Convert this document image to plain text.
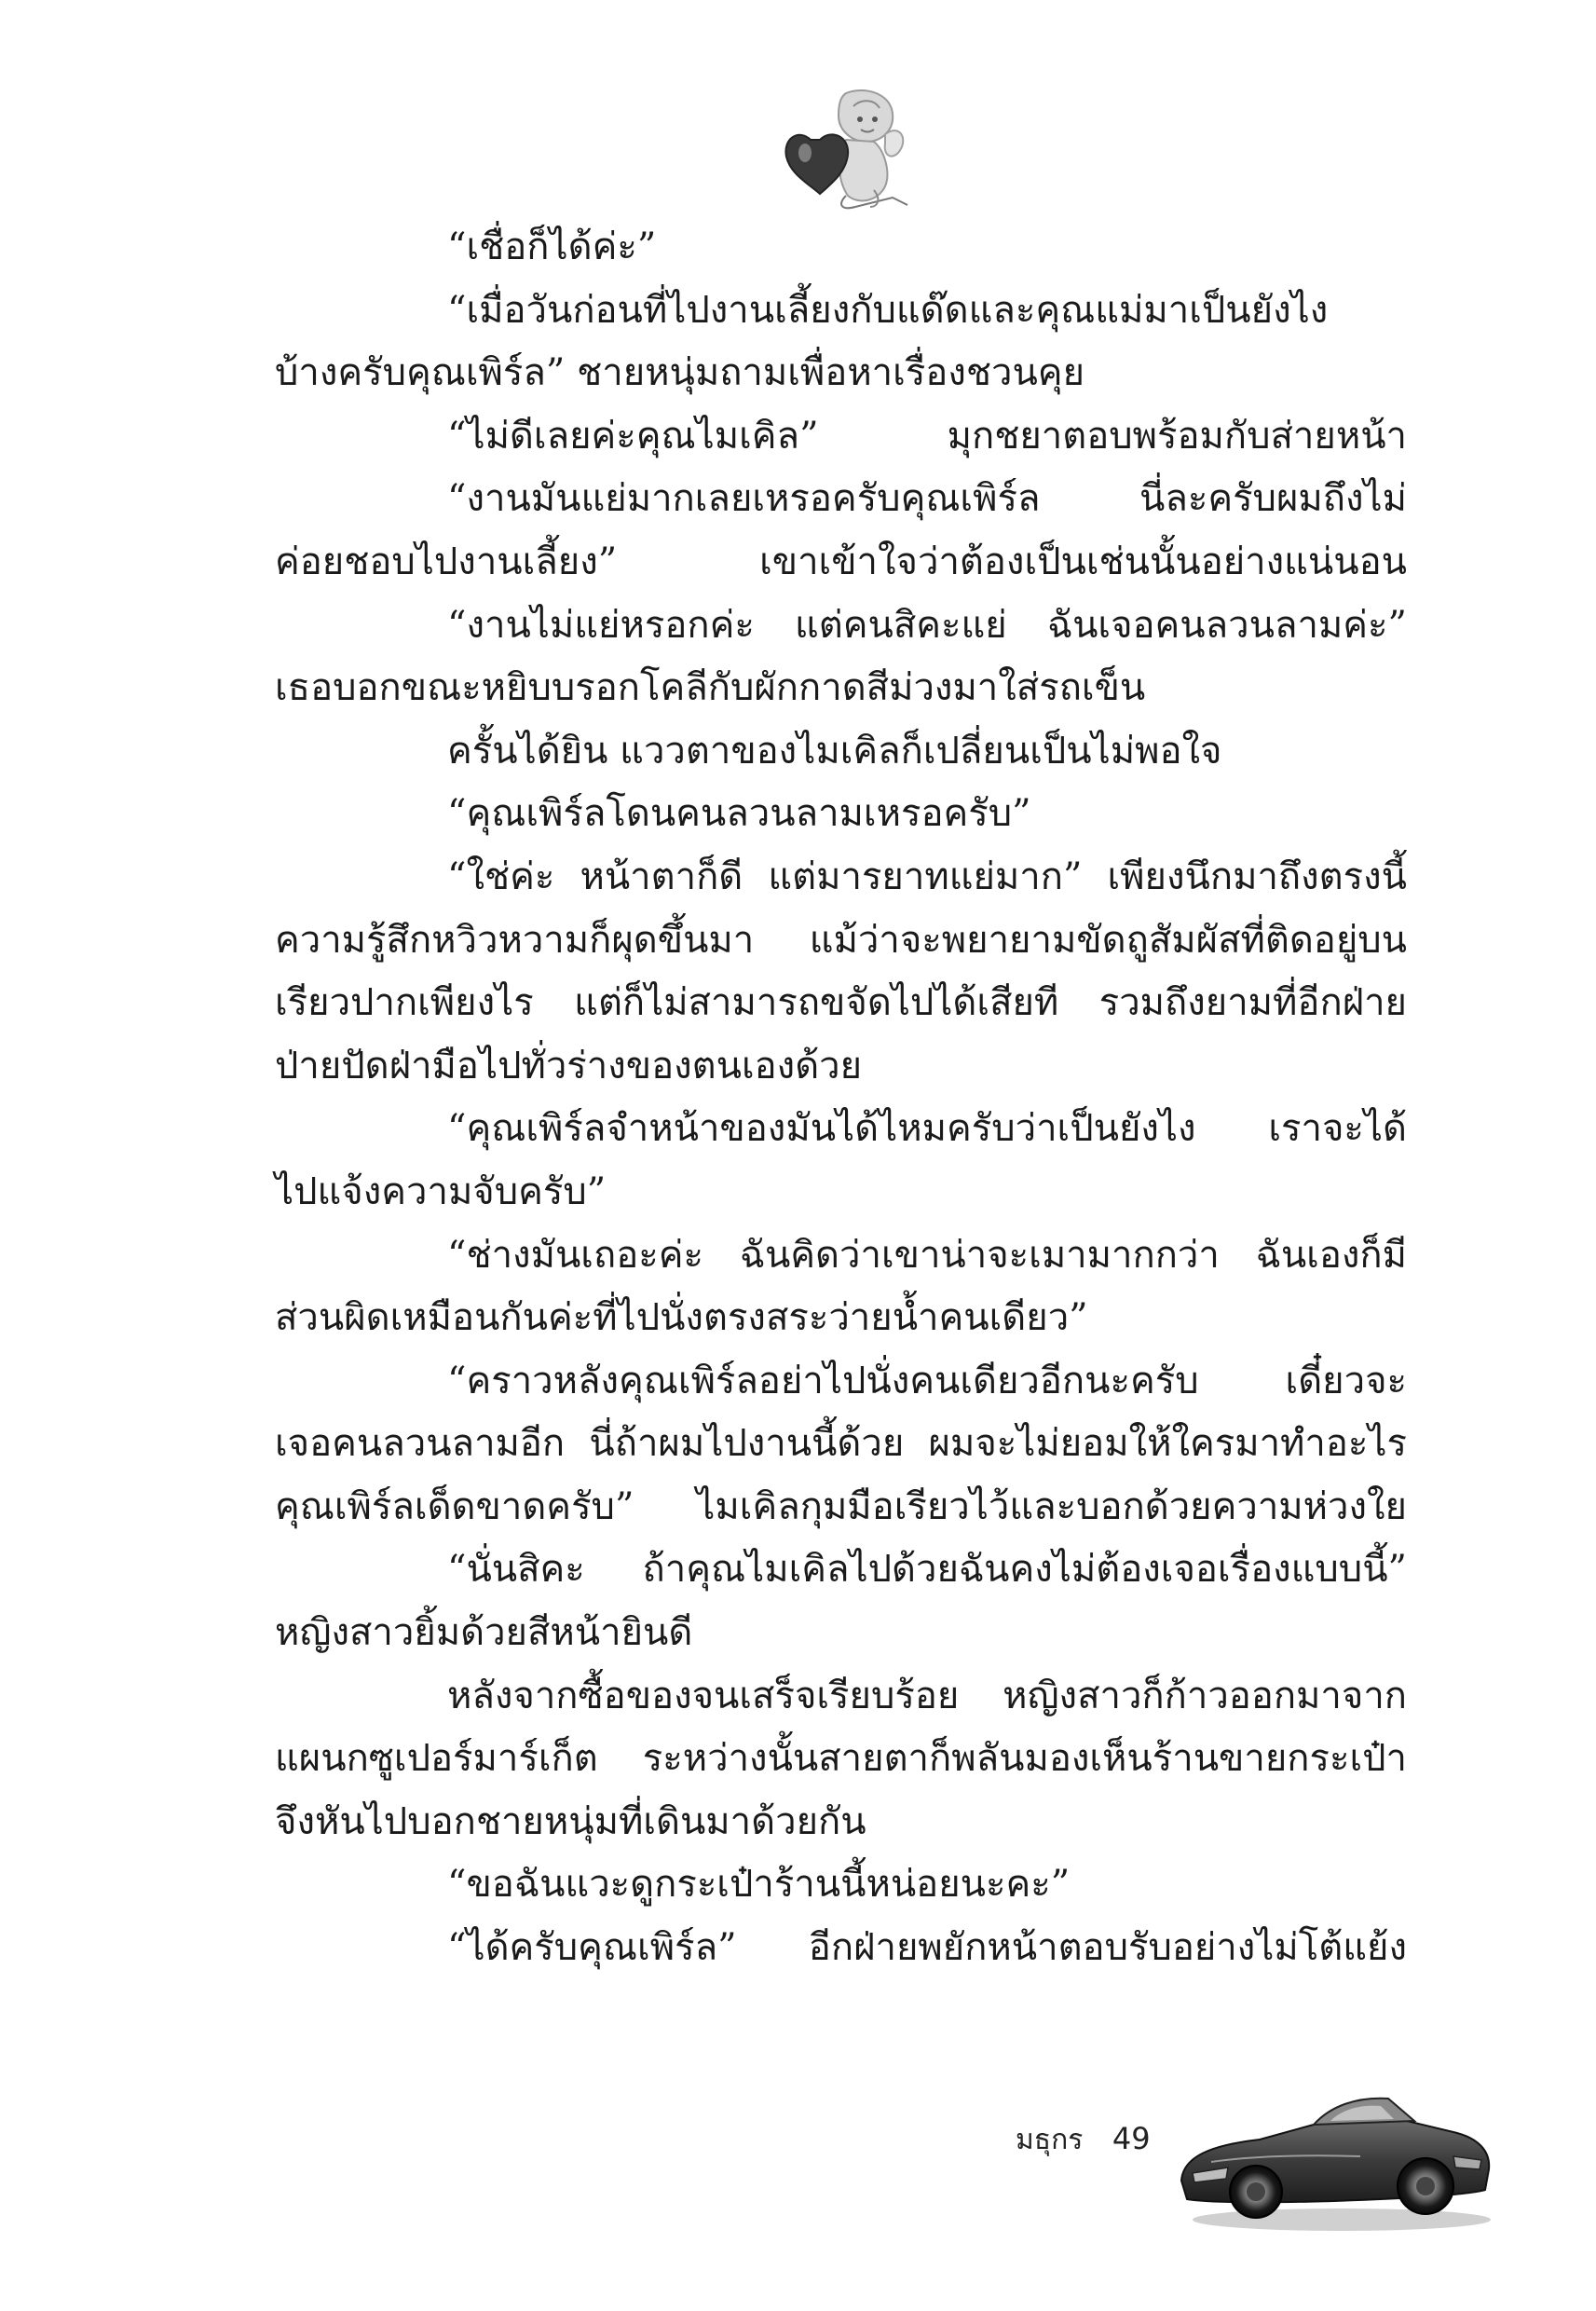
“เชื่อก็ได้ค่ะ”
“เมื่อวันก่อนที่ไปงานเลี้ยงกับแด๊ดและคุณแม่มาเป็นยังไง
บ้างครับคุณเพิร์ล” ชายหนุ่มถามเพื่อหาเรื่องชวนคุย
“ไม่ดีเลยค่ะคุณไมเคิล” มุกชยาตอบพร้อมกับส่ายหน้า
“งานมันแย่มากเลยเหรอครับคุณเพิร์ล นี่ละครับผมถึงไม่
ค่อยชอบไปงานเลี้ยง” เขาเข้าใจว่าต้องเป็นเช่นนั้นอย่างแน่นอน
“งานไม่แย่หรอกค่ะ แต่คนสิคะแย่ ฉันเจอคนลวนลามค่ะ”
เธอบอกขณะหยิบบรอกโคลีกับผักกาดสีม่วงมาใส่รถเข็น
ครั้นได้ยิน แววตาของไมเคิลก็เปลี่ยนเป็นไม่พอใจ
“คุณเพิร์ลโดนคนลวนลามเหรอครับ”
“ใช่ค่ะ หน้าตาก็ดี แต่มารยาทแย่มาก” เพียงนึกมาถึงตรงนี้
ความรู้สึกหวิวหวามก็ผุดขึ้นมา แม้ว่าจะพยายามขัดถูสัมผัสที่ติดอยู่บน
เรียวปากเพียงไร แต่ก็ไม่สามารถขจัดไปได้เสียที รวมถึงยามที่อีกฝ่าย
ป่ายปัดฝ่ามือไปทั่วร่างของตนเองด้วย
“คุณเพิร์ลจำหน้าของมันได้ไหมครับว่าเป็นยังไง เราจะได้
ไปแจ้งความจับครับ”
“ช่างมันเถอะค่ะ ฉันคิดว่าเขาน่าจะเมามากกว่า ฉันเองก็มี
ส่วนผิดเหมือนกันค่ะที่ไปนั่งตรงสระว่ายน้ำคนเดียว”
“คราวหลังคุณเพิร์ลอย่าไปนั่งคนเดียวอีกนะครับ เดี๋ยวจะ
เจอคนลวนลามอีก นี่ถ้าผมไปงานนี้ด้วย ผมจะไม่ยอมให้ใครมาทำอะไร
คุณเพิร์ลเด็ดขาดครับ” ไมเคิลกุมมือเรียวไว้และบอกด้วยความห่วงใย
“นั่นสิคะ ถ้าคุณไมเคิลไปด้วยฉันคงไม่ต้องเจอเรื่องแบบนี้”
หญิงสาวยิ้มด้วยสีหน้ายินดี
หลังจากซื้อของจนเสร็จเรียบร้อย หญิงสาวก็ก้าวออกมาจาก
แผนกซูเปอร์มาร์เก็ต ระหว่างนั้นสายตาก็พลันมองเห็นร้านขายกระเป๋า
จึงหันไปบอกชายหนุ่มที่เดินมาด้วยกัน
“ขอฉันแวะดูกระเป๋าร้านนี้หน่อยนะคะ”
“ได้ครับคุณเพิร์ล” อีกฝ่ายพยักหน้าตอบรับอย่างไม่โต้แย้ง
มธุกร 49
